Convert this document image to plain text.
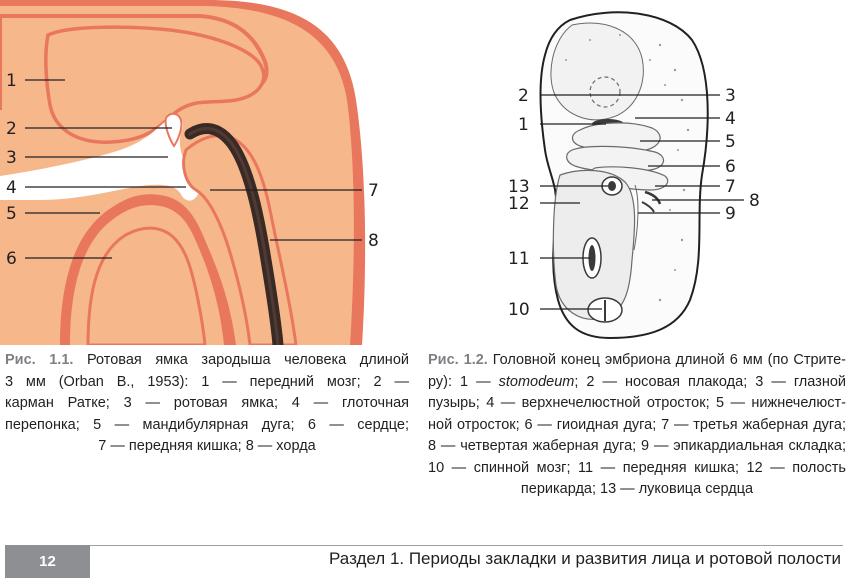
1
2
3
4
5
6
7
8
2
1
3
4
5
6
7
8
9
13
12
11
10
Рис. 1.1. Ротовая ямка зародыша человека длиной
3 мм (Orban B., 1953): 1 — передний мозг; 2 —
карман Ратке; 3 — ротовая ямка; 4 — глоточная
перепонка; 5 — мандибулярная дуга; 6 — сердце;
7 — передняя кишка; 8 — хорда
Рис. 1.2. Головной конец эмбриона длиной 6 мм (по Стрите-
ру): 1 — stomodeum; 2 — носовая плакода; 3 — глазной
пузырь; 4 — верхнечелюстной отросток; 5 — нижнечелюст-
ной отросток; 6 — гиоидная дуга; 7 — третья жаберная дуга;
8 — четвертая жаберная дуга; 9 — эпикардиальная складка;
10 — спинной мозг; 11 — передняя кишка; 12 — полость
перикарда; 13 — луковица сердца
12	Раздел 1. Периоды закладки и развития лица и ротовой полости
